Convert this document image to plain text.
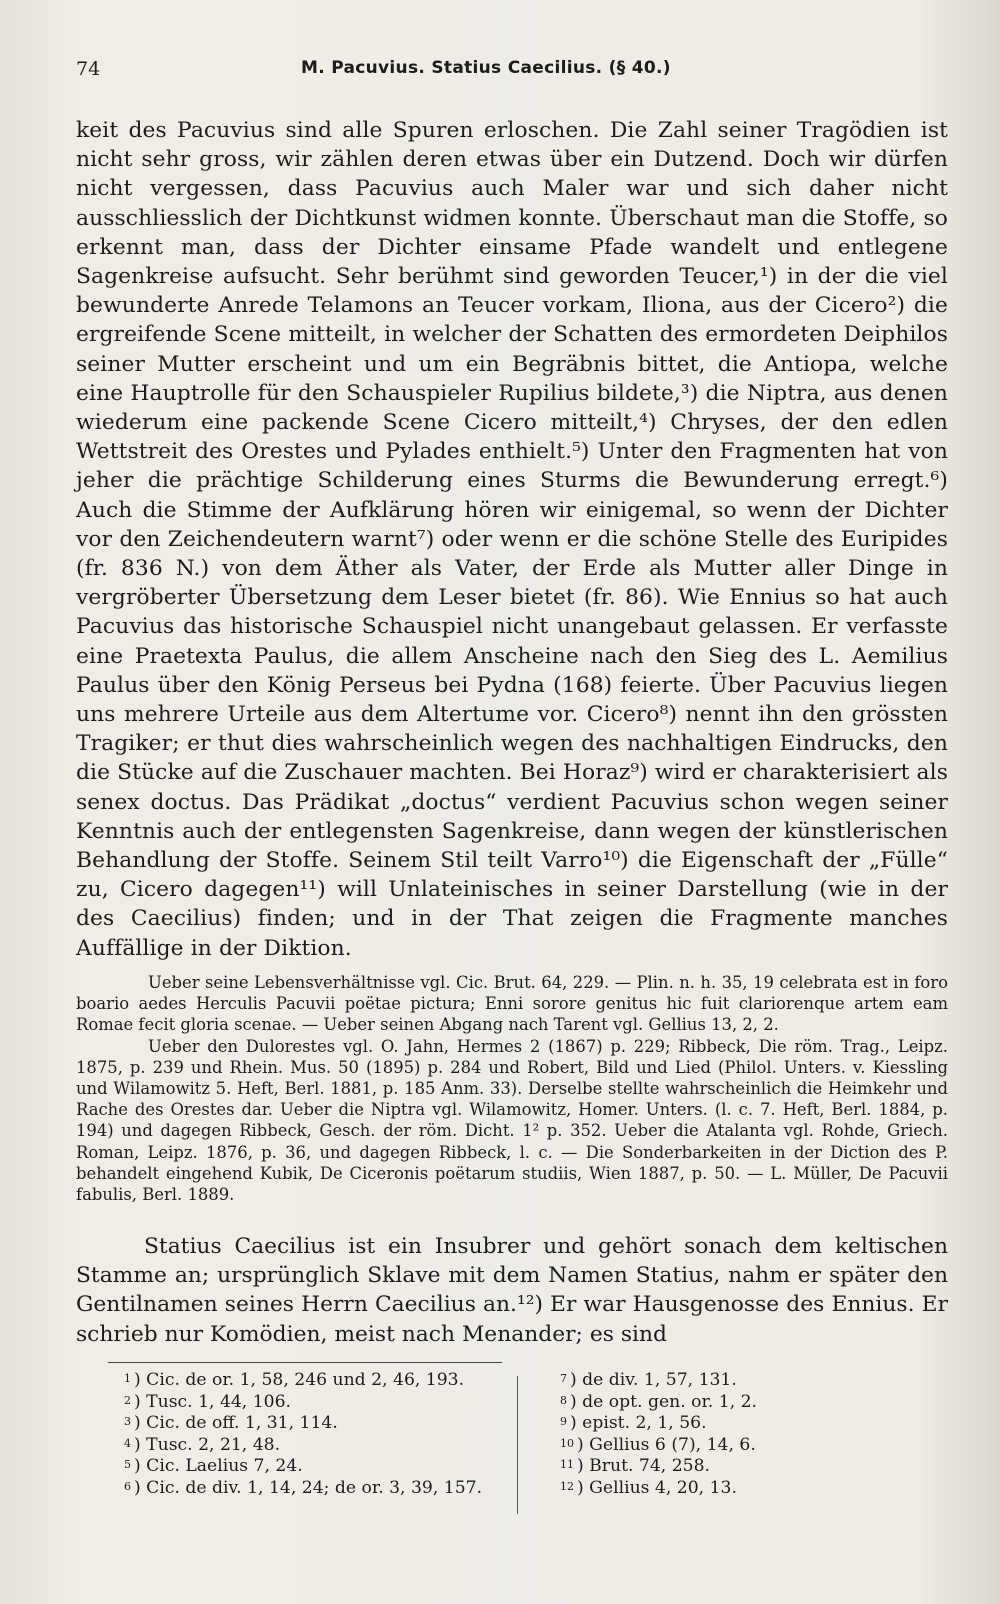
74	M. Pacuvius. Statius Caecilius. (§ 40.)

keit des Pacuvius sind alle Spuren erloschen. Die Zahl seiner Tragödien ist nicht sehr gross, wir zählen deren etwas über ein Dutzend. Doch wir dürfen nicht vergessen, dass Pacuvius auch Maler war und sich daher nicht ausschliesslich der Dichtkunst widmen konnte. Überschaut man die Stoffe, so erkennt man, dass der Dichter einsame Pfade wandelt und entlegene Sagenkreise aufsucht. Sehr berühmt sind geworden Teucer,¹) in der die viel bewunderte Anrede Telamons an Teucer vorkam, Iliona, aus der Cicero²) die ergreifende Scene mitteilt, in welcher der Schatten des ermordeten Deiphilos seiner Mutter erscheint und um ein Begräbnis bittet, die Antiopa, welche eine Hauptrolle für den Schauspieler Rupilius bildete,³) die Niptra, aus denen wiederum eine packende Scene Cicero mitteilt,⁴) Chryses, der den edlen Wettstreit des Orestes und Pylades enthielt.⁵) Unter den Fragmenten hat von jeher die prächtige Schilderung eines Sturms die Bewunderung erregt.⁶) Auch die Stimme der Aufklärung hören wir einigemal, so wenn der Dichter vor den Zeichendeutern warnt⁷) oder wenn er die schöne Stelle des Euripides (fr. 836 N.) von dem Äther als Vater, der Erde als Mutter aller Dinge in vergröberter Übersetzung dem Leser bietet (fr. 86). Wie Ennius so hat auch Pacuvius das historische Schauspiel nicht unangebaut gelassen. Er verfasste eine Praetexta Paulus, die allem Anscheine nach den Sieg des L. Aemilius Paulus über den König Perseus bei Pydna (168) feierte. Über Pacuvius liegen uns mehrere Urteile aus dem Altertume vor. Cicero⁸) nennt ihn den grössten Tragiker; er thut dies wahrscheinlich wegen des nachhaltigen Eindrucks, den die Stücke auf die Zuschauer machten. Bei Horaz⁹) wird er charakterisiert als senex doctus. Das Prädikat „doctus“ verdient Pacuvius schon wegen seiner Kenntnis auch der entlegensten Sagenkreise, dann wegen der künstlerischen Behandlung der Stoffe. Seinem Stil teilt Varro¹⁰) die Eigenschaft der „Fülle“ zu, Cicero dagegen¹¹) will Unlateinisches in seiner Darstellung (wie in der des Caecilius) finden; und in der That zeigen die Fragmente manches Auffällige in der Diktion.

Ueber seine Lebensverhältnisse vgl. Cic. Brut. 64, 229. — Plin. n. h. 35, 19 celebrata est in foro boario aedes Herculis Pacuvii poëtae pictura; Enni sorore genitus hic fuit clariorenque artem eam Romae fecit gloria scenae. — Ueber seinen Abgang nach Tarent vgl. Gellius 13, 2, 2.

Ueber den Dulorestes vgl. O. Jahn, Hermes 2 (1867) p. 229; Ribbeck, Die röm. Trag., Leipz. 1875, p. 239 und Rhein. Mus. 50 (1895) p. 284 und Robert, Bild und Lied (Philol. Unters. v. Kiessling und Wilamowitz 5. Heft, Berl. 1881, p. 185 Anm. 33). Derselbe stellte wahrscheinlich die Heimkehr und Rache des Orestes dar. Ueber die Niptra vgl. Wilamowitz, Homer. Unters. (l. c. 7. Heft, Berl. 1884, p. 194) und dagegen Ribbeck, Gesch. der röm. Dicht. 1² p. 352. Ueber die Atalanta vgl. Rohde, Griech. Roman, Leipz. 1876, p. 36, und dagegen Ribbeck, l. c. — Die Sonderbarkeiten in der Diction des P. behandelt eingehend Kubik, De Ciceronis poëtarum studiis, Wien 1887, p. 50. — L. Müller, De Pacuvii fabulis, Berl. 1889.

Statius Caecilius ist ein Insubrer und gehört sonach dem keltischen Stamme an; ursprünglich Sklave mit dem Namen Statius, nahm er später den Gentilnamen seines Herrn Caecilius an.¹²) Er war Hausgenosse des Ennius. Er schrieb nur Komödien, meist nach Menander; es sind

$^1$ ) Cic. de or. 1, 58, 246 und 2, 46, 193.
$^2$ ) Tusc. 1, 44, 106.
$^3$ ) Cic. de off. 1, 31, 114.
$^4$ ) Tusc. 2, 21, 48.
$^5$ ) Cic. Laelius 7, 24.
$^6$ ) Cic. de div. 1, 14, 24; de or. 3, 39, 157.
$^7$ ) de div. 1, 57, 131.
$^8$ ) de opt. gen. or. 1, 2.
$^9$ ) epist. 2, 1, 56.
$^{10}$ ) Gellius 6 (7), 14, 6.
$^{11}$ ) Brut. 74, 258.
$^{12}$ ) Gellius 4, 20, 13.
